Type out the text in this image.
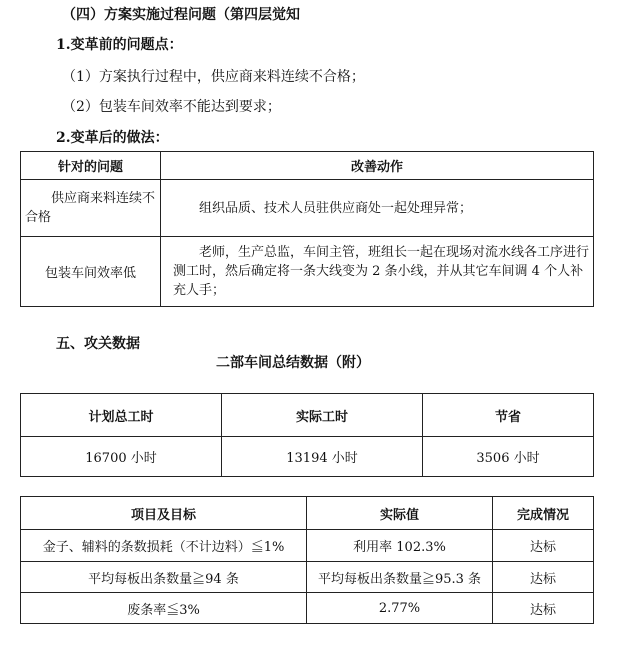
（四）方案实施过程问题（第四层觉知
1.变革前的问题点：
（1）方案执行过程中，供应商来料连续不合格；
（2）包装车间效率不能达到要求；
2.变革后的做法：
针对的问题	改善动作
供应商来料连续不合格	组织品质、技术人员驻供应商处一起处理异常；
包装车间效率低	老师，生产总监，车间主管，班组长一起在现场对流水线各工序进行测工时，然后确定将一条大线变为 2 条小线，并从其它车间调 4 个人补充人手；
五、攻关数据
二部车间总结数据（附）
计划总工时	实际工时	节省
16700 小时	13194 小时	3506 小时
项目及目标	实际值	完成情况
金子、辅料的条数损耗（不计边料）≦1%	利用率 102.3%	达标
平均每板出条数量≧94 条	平均每板出条数量≧95.3 条	达标
废条率≦3%	2.77%	达标
